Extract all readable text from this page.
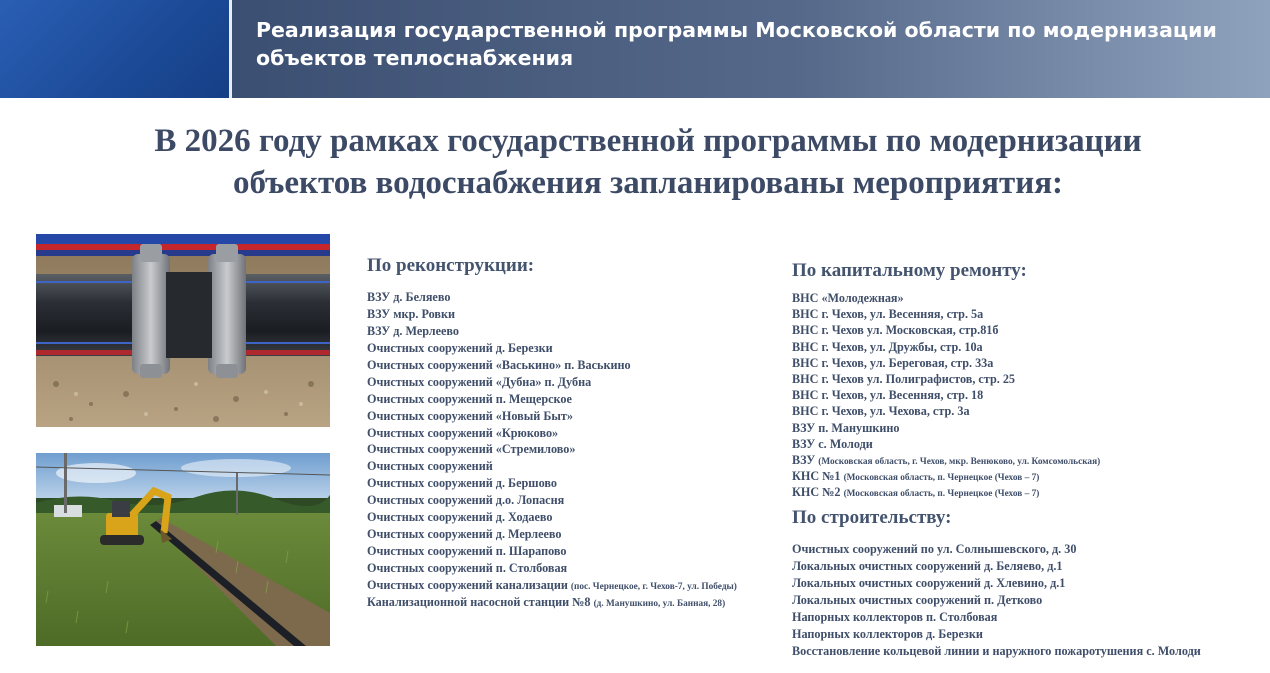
Реализация государственной программы Московской области по модернизации
объектов теплоснабжения
В 2026 году рамках государственной программы по модернизации
объектов водоснабжения запланированы мероприятия:
По реконструкции:
ВЗУ д. Беляево
ВЗУ мкр. Ровки
ВЗУ д. Мерлеево
Очистных сооружений д. Березки
Очистных сооружений «Васькино» п. Васькино
Очистных сооружений «Дубна» п. Дубна
Очистных сооружений п. Мещерское
Очистных сооружений «Новый Быт»
Очистных сооружений «Крюково»
Очистных сооружений «Стремилово»
Очистных сооружений
Очистных сооружений д. Бершово
Очистных сооружений д.о. Лопасня
Очистных сооружений д. Ходаево
Очистных сооружений д. Мерлеево
Очистных сооружений п. Шарапово
Очистных сооружений п. Столбовая
Очистных сооружений канализации (пос. Чернецкое, г. Чехов-7, ул. Победы)
Канализационной насосной станции №8 (д. Манушкино, ул. Банная, 28)
По капитальному ремонту:
ВНС «Молодежная»
ВНС г. Чехов, ул. Весенняя, стр. 5а
ВНС г. Чехов ул. Московская, стр.81б
ВНС г. Чехов, ул. Дружбы, стр. 10а
ВНС г. Чехов, ул. Береговая, стр. 33а
ВНС г. Чехов ул. Полиграфистов, стр. 25
ВНС г. Чехов, ул. Весенняя, стр. 18
ВНС г. Чехов, ул. Чехова, стр. 3а
ВЗУ п. Манушкино
ВЗУ с. Молоди
ВЗУ (Московская область, г. Чехов, мкр. Венюково, ул. Комсомольская)
КНС №1 (Московская область, п. Чернецкое (Чехов – 7)
КНС №2 (Московская область, п. Чернецкое (Чехов – 7)
По строительству:
Очистных сооружений по ул. Солнышевского, д. 30
Локальных очистных сооружений д. Беляево, д.1
Локальных очистных сооружений д. Хлевино, д.1
Локальных очистных сооружений п. Детково
Напорных коллекторов п. Столбовая
Напорных коллекторов д. Березки
Восстановление кольцевой линии и наружного пожаротушения с. Молоди
